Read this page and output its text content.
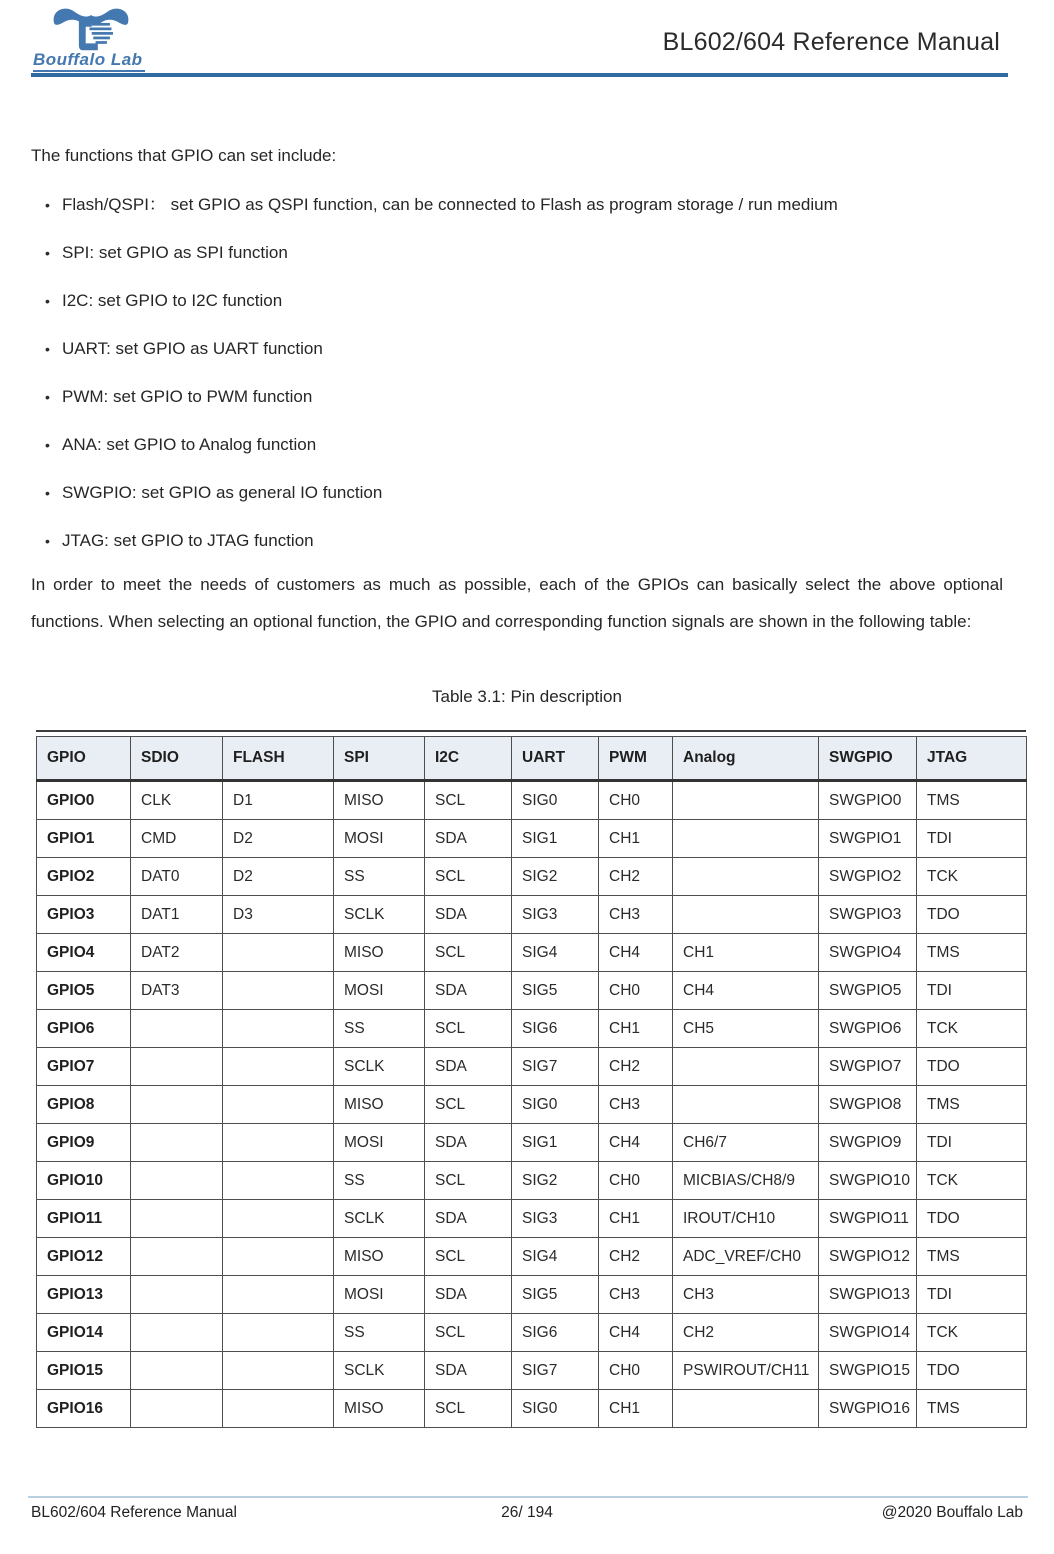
Bouffalo Lab
BL602/604 Reference Manual
The functions that GPIO can set include:
• Flash/QSPI： set GPIO as QSPI function, can be connected to Flash as program storage / run medium
• SPI: set GPIO as SPI function
• I2C: set GPIO to I2C function
• UART: set GPIO as UART function
• PWM: set GPIO to PWM function
• ANA: set GPIO to Analog function
• SWGPIO: set GPIO as general IO function
• JTAG: set GPIO to JTAG function
In order to meet the needs of customers as much as possible, each of the GPIOs can basically select the above optional functions. When selecting an optional function, the GPIO and corresponding function signals are shown in the following table:
Table 3.1: Pin description
GPIO	SDIO	FLASH	SPI	I2C	UART	PWM	Analog	SWGPIO	JTAG
GPIO0	CLK	D1	MISO	SCL	SIG0	CH0		SWGPIO0	TMS
GPIO1	CMD	D2	MOSI	SDA	SIG1	CH1		SWGPIO1	TDI
GPIO2	DAT0	D2	SS	SCL	SIG2	CH2		SWGPIO2	TCK
GPIO3	DAT1	D3	SCLK	SDA	SIG3	CH3		SWGPIO3	TDO
GPIO4	DAT2		MISO	SCL	SIG4	CH4	CH1	SWGPIO4	TMS
GPIO5	DAT3		MOSI	SDA	SIG5	CH0	CH4	SWGPIO5	TDI
GPIO6			SS	SCL	SIG6	CH1	CH5	SWGPIO6	TCK
GPIO7			SCLK	SDA	SIG7	CH2		SWGPIO7	TDO
GPIO8			MISO	SCL	SIG0	CH3		SWGPIO8	TMS
GPIO9			MOSI	SDA	SIG1	CH4	CH6/7	SWGPIO9	TDI
GPIO10			SS	SCL	SIG2	CH0	MICBIAS/CH8/9	SWGPIO10	TCK
GPIO11			SCLK	SDA	SIG3	CH1	IROUT/CH10	SWGPIO11	TDO
GPIO12			MISO	SCL	SIG4	CH2	ADC_VREF/CH0	SWGPIO12	TMS
GPIO13			MOSI	SDA	SIG5	CH3	CH3	SWGPIO13	TDI
GPIO14			SS	SCL	SIG6	CH4	CH2	SWGPIO14	TCK
GPIO15			SCLK	SDA	SIG7	CH0	PSWIROUT/CH11	SWGPIO15	TDO
GPIO16			MISO	SCL	SIG0	CH1		SWGPIO16	TMS
BL602/604 Reference Manual	26/ 194	@2020 Bouffalo Lab
